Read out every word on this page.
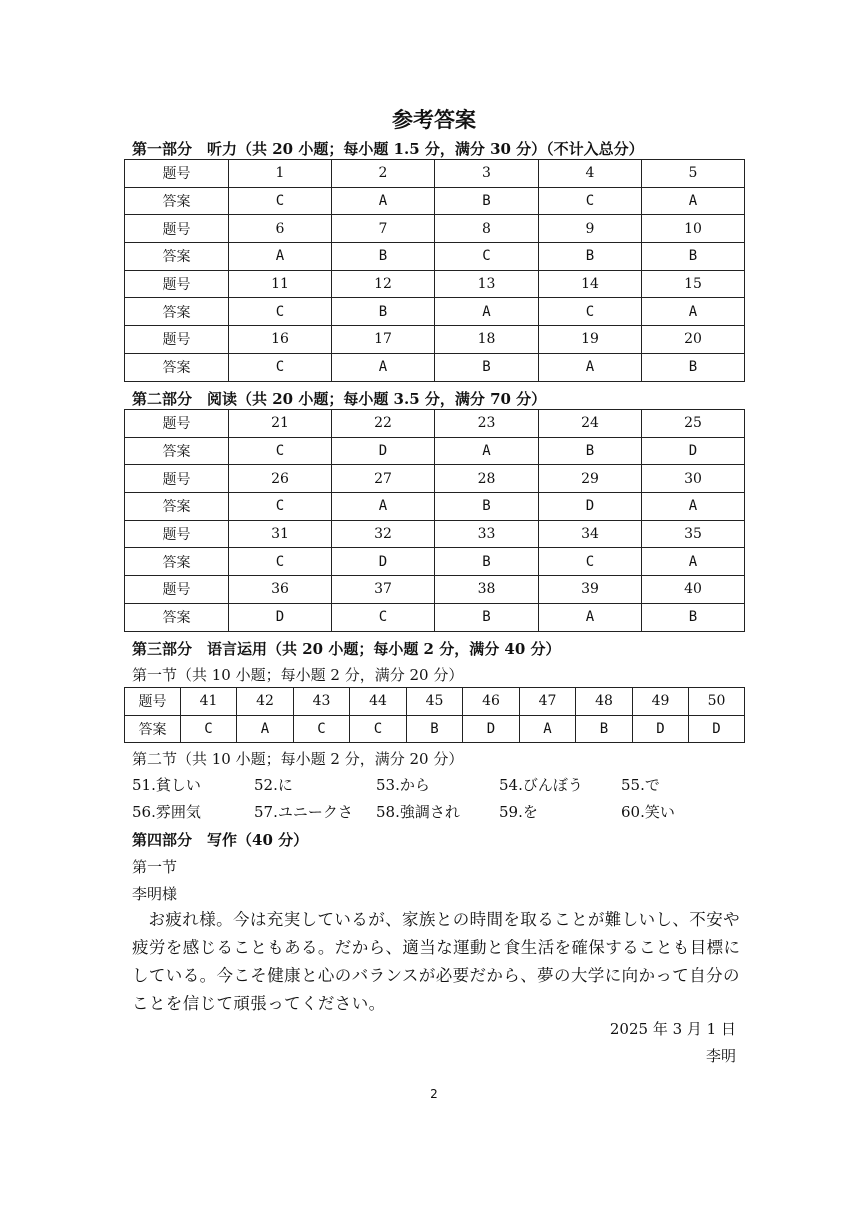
参考答案
第一部分　听力（共 20 小题；每小题 1.5 分，满分 30 分）（不计入总分）
题号	1	2	3	4	5
答案	C	A	B	C	A
题号	6	7	8	9	10
答案	A	B	C	B	B
题号	11	12	13	14	15
答案	C	B	A	C	A
题号	16	17	18	19	20
答案	C	A	B	A	B
第二部分　阅读（共 20 小题；每小题 3.5 分，满分 70 分）
题号	21	22	23	24	25
答案	C	D	A	B	D
题号	26	27	28	29	30
答案	C	A	B	D	A
题号	31	32	33	34	35
答案	C	D	B	C	A
题号	36	37	38	39	40
答案	D	C	B	A	B
第三部分　语言运用（共 20 小题；每小题 2 分，满分 40 分）
第一节（共 10 小题；每小题 2 分，满分 20 分）
题号	41	42	43	44	45	46	47	48	49	50
答案	C	A	C	C	B	D	A	B	D	D
第二节（共 10 小题；每小题 2 分，满分 20 分）
51.貧しい	52.に	53.から	54.びんぼう	55.で
56.雰囲気	57.ユニークさ 58.強調され	59.を	60.笑い
第四部分　写作（40 分）
第一节
李明様
お疲れ様。今は充実しているが、家族との時間を取ることが難しいし、不安や疲労を感じることもある。だから、適当な運動と食生活を確保することも目標にしている。今こそ健康と心のバランスが必要だから、夢の大学に向かって自分のことを信じて頑張ってください。
2025 年 3 月 1 日
李明
2
